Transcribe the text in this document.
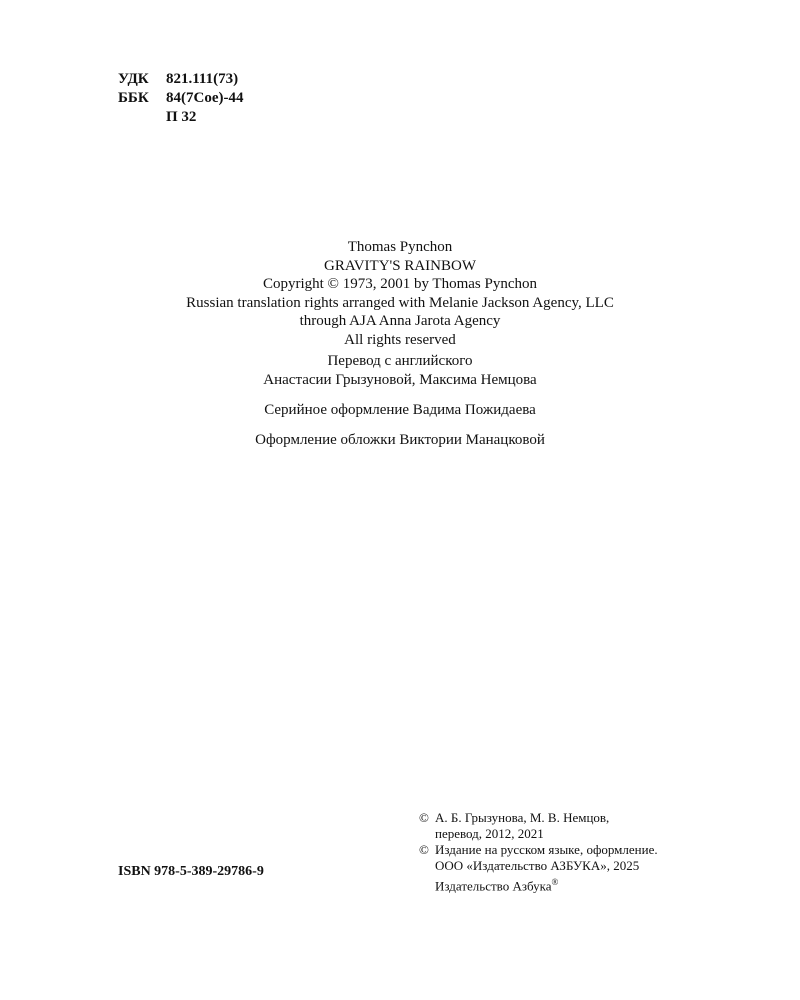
УДК 821.111(73)
ББК 84(7Сое)-44
П 32
Thomas Pynchon
GRAVITY'S RAINBOW
Copyright © 1973, 2001 by Thomas Pynchon
Russian translation rights arranged with Melanie Jackson Agency, LLC
through AJA Anna Jarota Agency
All rights reserved
Перевод с английского
Анастасии Грызуновой, Максима Немцова
Серийное оформление Вадима Пожидаева
Оформление обложки Виктории Манацковой
© А. Б. Грызунова, М. В. Немцов,
перевод, 2012, 2021
© Издание на русском языке, оформление.
ООО «Издательство АЗБУКА», 2025
Издательство Азбука®
ISBN 978-5-389-29786-9
